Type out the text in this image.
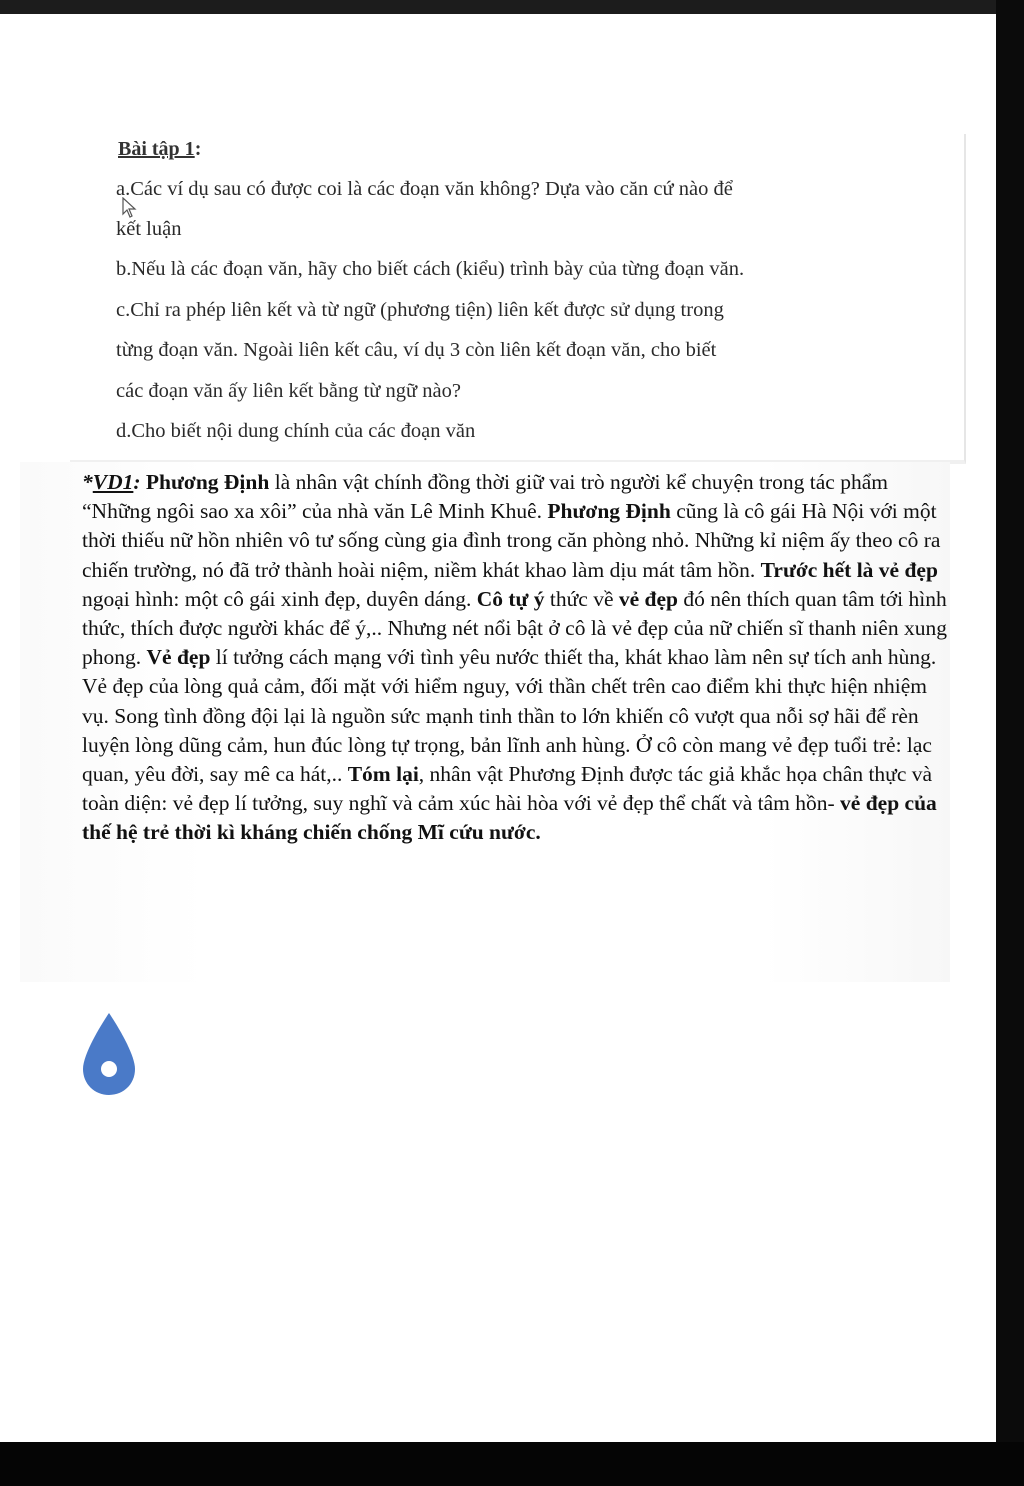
Bài tập 1:
a.Các ví dụ sau có được coi là các đoạn văn không? Dựa vào căn cứ nào để
kết luận
b.Nếu là các đoạn văn, hãy cho biết cách (kiểu) trình bày của từng đoạn văn.
c.Chỉ ra phép liên kết và từ ngữ (phương tiện) liên kết được sử dụng trong
từng đoạn văn. Ngoài liên kết câu, ví dụ 3 còn liên kết đoạn văn, cho biết
các đoạn văn ấy liên kết bằng từ ngữ nào?
d.Cho biết nội dung chính của các đoạn văn
*VD1: Phương Định là nhân vật chính đồng thời giữ vai trò người kể chuyện trong tác phẩm “Những ngôi sao xa xôi” của nhà văn Lê Minh Khuê. Phương Định cũng là cô gái Hà Nội với một thời thiếu nữ hồn nhiên vô tư sống cùng gia đình trong căn phòng nhỏ. Những kỉ niệm ấy theo cô ra chiến trường, nó đã trở thành hoài niệm, niềm khát khao làm dịu mát tâm hồn. Trước hết là vẻ đẹp ngoại hình: một cô gái xinh đẹp, duyên dáng. Cô tự ý thức về vẻ đẹp đó nên thích quan tâm tới hình thức, thích được người khác để ý,.. Nhưng nét nổi bật ở cô là vẻ đẹp của nữ chiến sĩ thanh niên xung phong. Vẻ đẹp lí tưởng cách mạng với tình yêu nước thiết tha, khát khao làm nên sự tích anh hùng. Vẻ đẹp của lòng quả cảm, đối mặt với hiểm nguy, với thần chết trên cao điểm khi thực hiện nhiệm vụ. Song tình đồng đội lại là nguồn sức mạnh tinh thần to lớn khiến cô vượt qua nỗi sợ hãi để rèn luyện lòng dũng cảm, hun đúc lòng tự trọng, bản lĩnh anh hùng. Ở cô còn mang vẻ đẹp tuổi trẻ: lạc quan, yêu đời, say mê ca hát,.. Tóm lại, nhân vật Phương Định được tác giả khắc họa chân thực và toàn diện: vẻ đẹp lí tưởng, suy nghĩ và cảm xúc hài hòa với vẻ đẹp thể chất và tâm hồn- vẻ đẹp của thế hệ trẻ thời kì kháng chiến chống Mĩ cứu nước.
